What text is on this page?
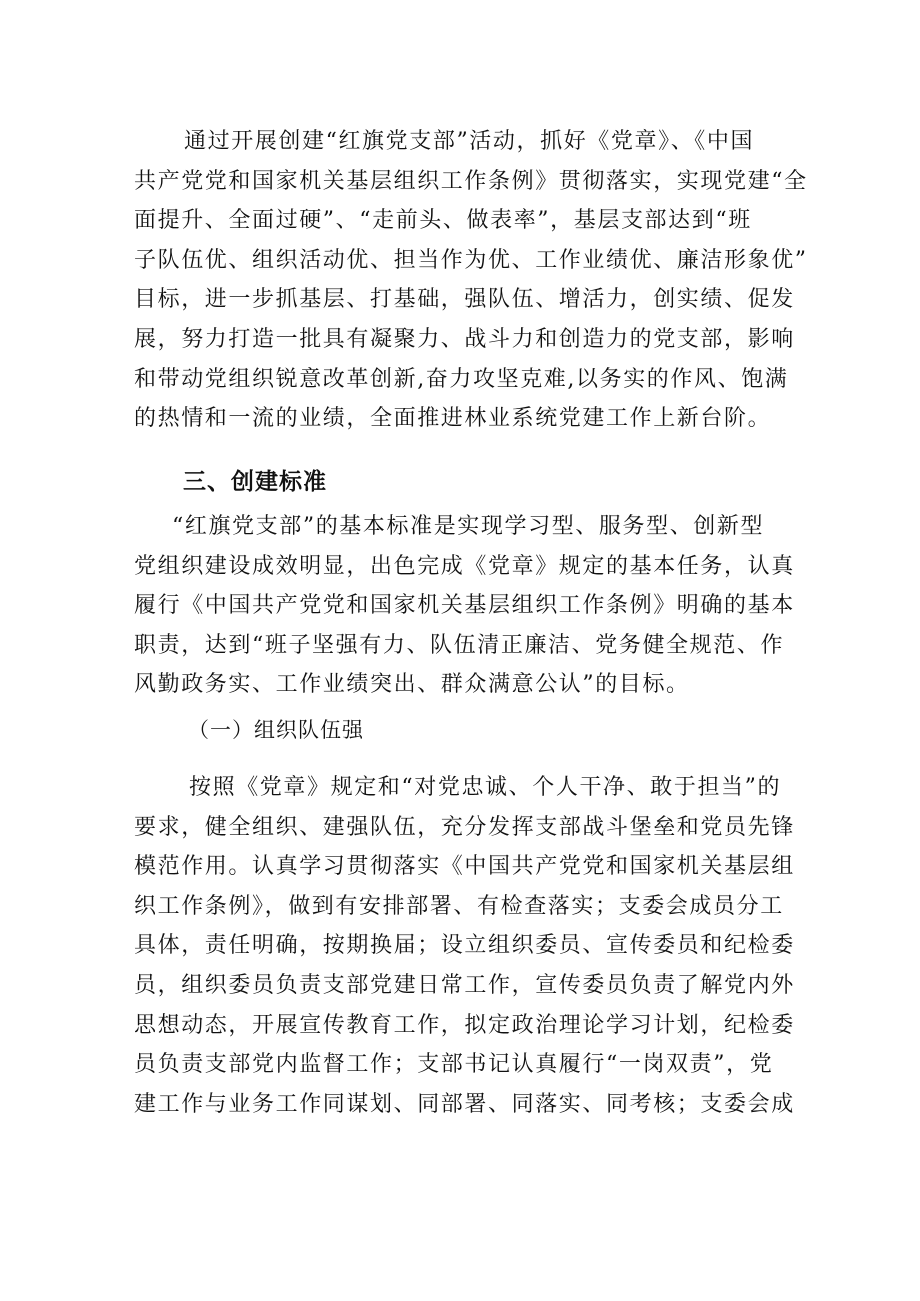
通过开展创建“红旗党支部”活动，抓好《党章》、《中国
共产党党和国家机关基层组织工作条例》贯彻落实，实现党建“全
面提升、全面过硬”、“走前头、做表率”，基层支部达到“班
子队伍优、组织活动优、担当作为优、工作业绩优、廉洁形象优”
目标，进一步抓基层、打基础，强队伍、增活力，创实绩、促发
展，努力打造一批具有凝聚力、战斗力和创造力的党支部，影响
和带动党组织锐意改革创新,奋力攻坚克难,以务实的作风、饱满
的热情和一流的业绩，全面推进林业系统党建工作上新台阶。
三、创建标准
“红旗党支部”的基本标准是实现学习型、服务型、创新型
党组织建设成效明显，出色完成《党章》规定的基本任务，认真
履行《中国共产党党和国家机关基层组织工作条例》明确的基本
职责，达到“班子坚强有力、队伍清正廉洁、党务健全规范、作
风勤政务实、工作业绩突出、群众满意公认”的目标。
（一）组织队伍强
按照《党章》规定和“对党忠诚、个人干净、敢于担当”的
要求，健全组织、建强队伍，充分发挥支部战斗堡垒和党员先锋
模范作用。认真学习贯彻落实《中国共产党党和国家机关基层组
织工作条例》，做到有安排部署、有检查落实；支委会成员分工
具体，责任明确，按期换届；设立组织委员、宣传委员和纪检委
员，组织委员负责支部党建日常工作，宣传委员负责了解党内外
思想动态，开展宣传教育工作，拟定政治理论学习计划，纪检委
员负责支部党内监督工作；支部书记认真履行“一岗双责”，党
建工作与业务工作同谋划、同部署、同落实、同考核；支委会成
